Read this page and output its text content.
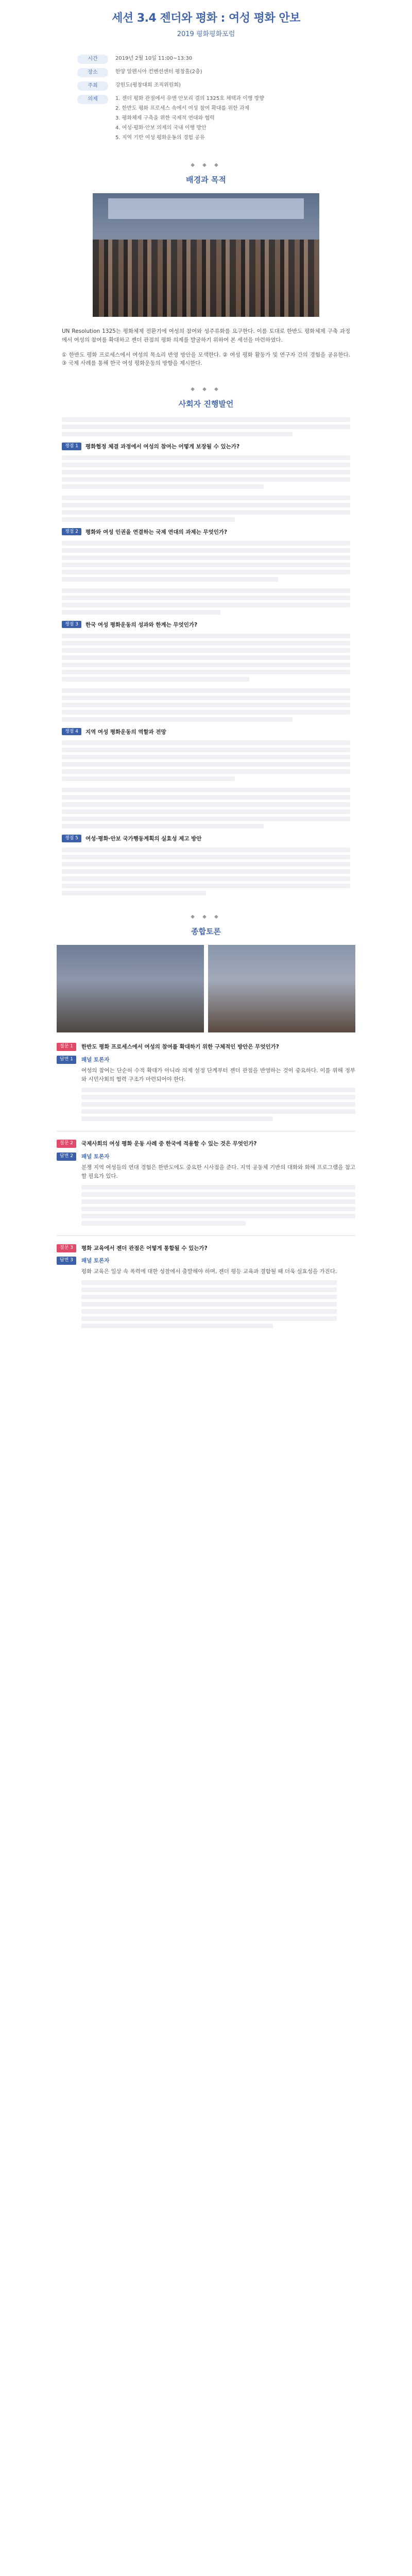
세션 3.4 젠더와 평화 : 여성 평화 안보
2019 평화평화포럼
시간	2019년 2월 10일 11:00~13:30
장소	한양 알펜시아 컨벤션센터 평창홀(2층)
주최	강원도(평창대회 조직위원회)
의제	1. 젠더 평화 관점에서 유엔 안보리 결의 1325호 채택과 이행 방향
2. 한반도 평화 프로세스 속에서 여성 참여 확대를 위한 과제
3. 평화체제 구축을 위한 국제적 연대와 협력
4. 여성·평화·안보 의제의 국내 이행 방안
5. 지역 기반 여성 평화운동의 경험 공유
◆ ◆ ◆
배경과 목적

UN Resolution 1325는 평화체제 전환기에 여성의 참여와 성주류화를 요구한다. 이를 토대로 한반도 평화체제 구축 과정에서 여성의 참여를 확대하고 젠더 관점의 평화 의제를 발굴하기 위하여 본 세션을 마련하였다.

① 한반도 평화 프로세스에서 여성의 목소리 반영 방안을 모색한다. ② 여성 평화 활동가 및 연구자 간의 경험을 공유한다. ③ 국제 사례를 통해 한국 여성 평화운동의 방향을 제시한다.

◆ ◆ ◆
사회자 진행발언
쟁점 1	평화협정 체결 과정에서 여성의 참여는 어떻게 보장될 수 있는가?
쟁점 2	평화와 여성 인권을 연결하는 국제 연대의 과제는 무엇인가?
쟁점 3	한국 여성 평화운동의 성과와 한계는 무엇인가?
쟁점 4	지역 여성 평화운동의 역할과 전망
쟁점 5	여성·평화·안보 국가행동계획의 실효성 제고 방안
◆ ◆ ◆
종합토론
질문 1	한반도 평화 프로세스에서 여성의 참여를 확대하기 위한 구체적인 방안은 무엇인가?
답변 1	패널 토론자

여성의 참여는 단순히 수적 확대가 아니라 의제 설정 단계부터 젠더 관점을 반영하는 것이 중요하다. 이를 위해 정부와 시민사회의 협력 구조가 마련되어야 한다.

질문 2	국제사회의 여성 평화 운동 사례 중 한국에 적용할 수 있는 것은 무엇인가?
답변 2	패널 토론자

분쟁 지역 여성들의 연대 경험은 한반도에도 중요한 시사점을 준다. 지역 공동체 기반의 대화와 화해 프로그램을 참고할 필요가 있다.

질문 3	평화 교육에서 젠더 관점은 어떻게 통합될 수 있는가?
답변 3	패널 토론자

평화 교육은 일상 속 폭력에 대한 성찰에서 출발해야 하며, 젠더 평등 교육과 결합될 때 더욱 실효성을 가진다.
